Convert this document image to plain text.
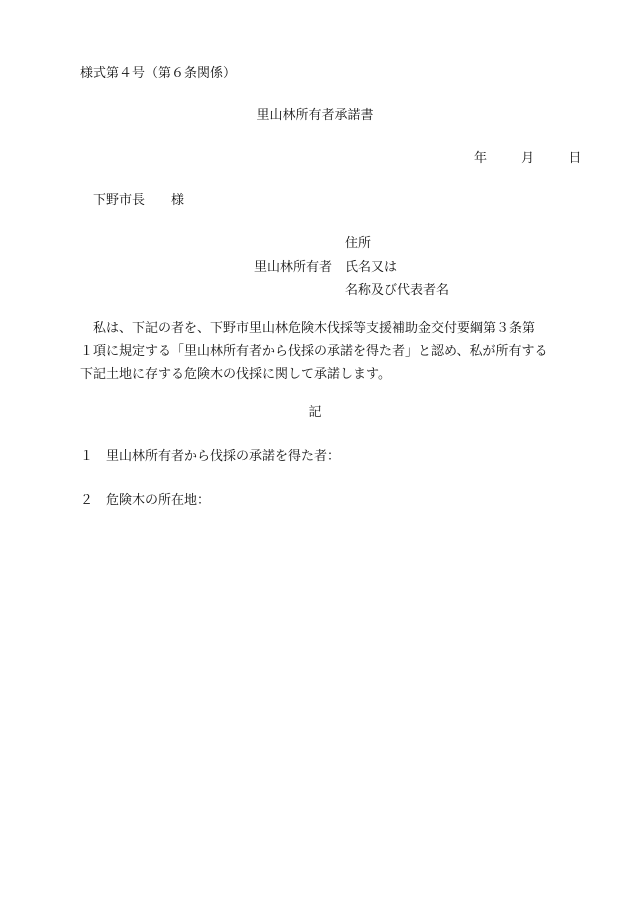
様式第４号（第６条関係）
里山林所有者承諾書
年	月	日
下野市長 様
住所
里山林所有者 氏名又は
名称及び代表者名
　私は、下記の者を、下野市里山林危険木伐採等支援補助金交付要綱第３条第
１項に規定する「里山林所有者から伐採の承諾を得た者」と認め、私が所有する
下記土地に存する危険木の伐採に関して承諾します。
記
１ 里山林所有者から伐採の承諾を得た者：
２ 危険木の所在地：
